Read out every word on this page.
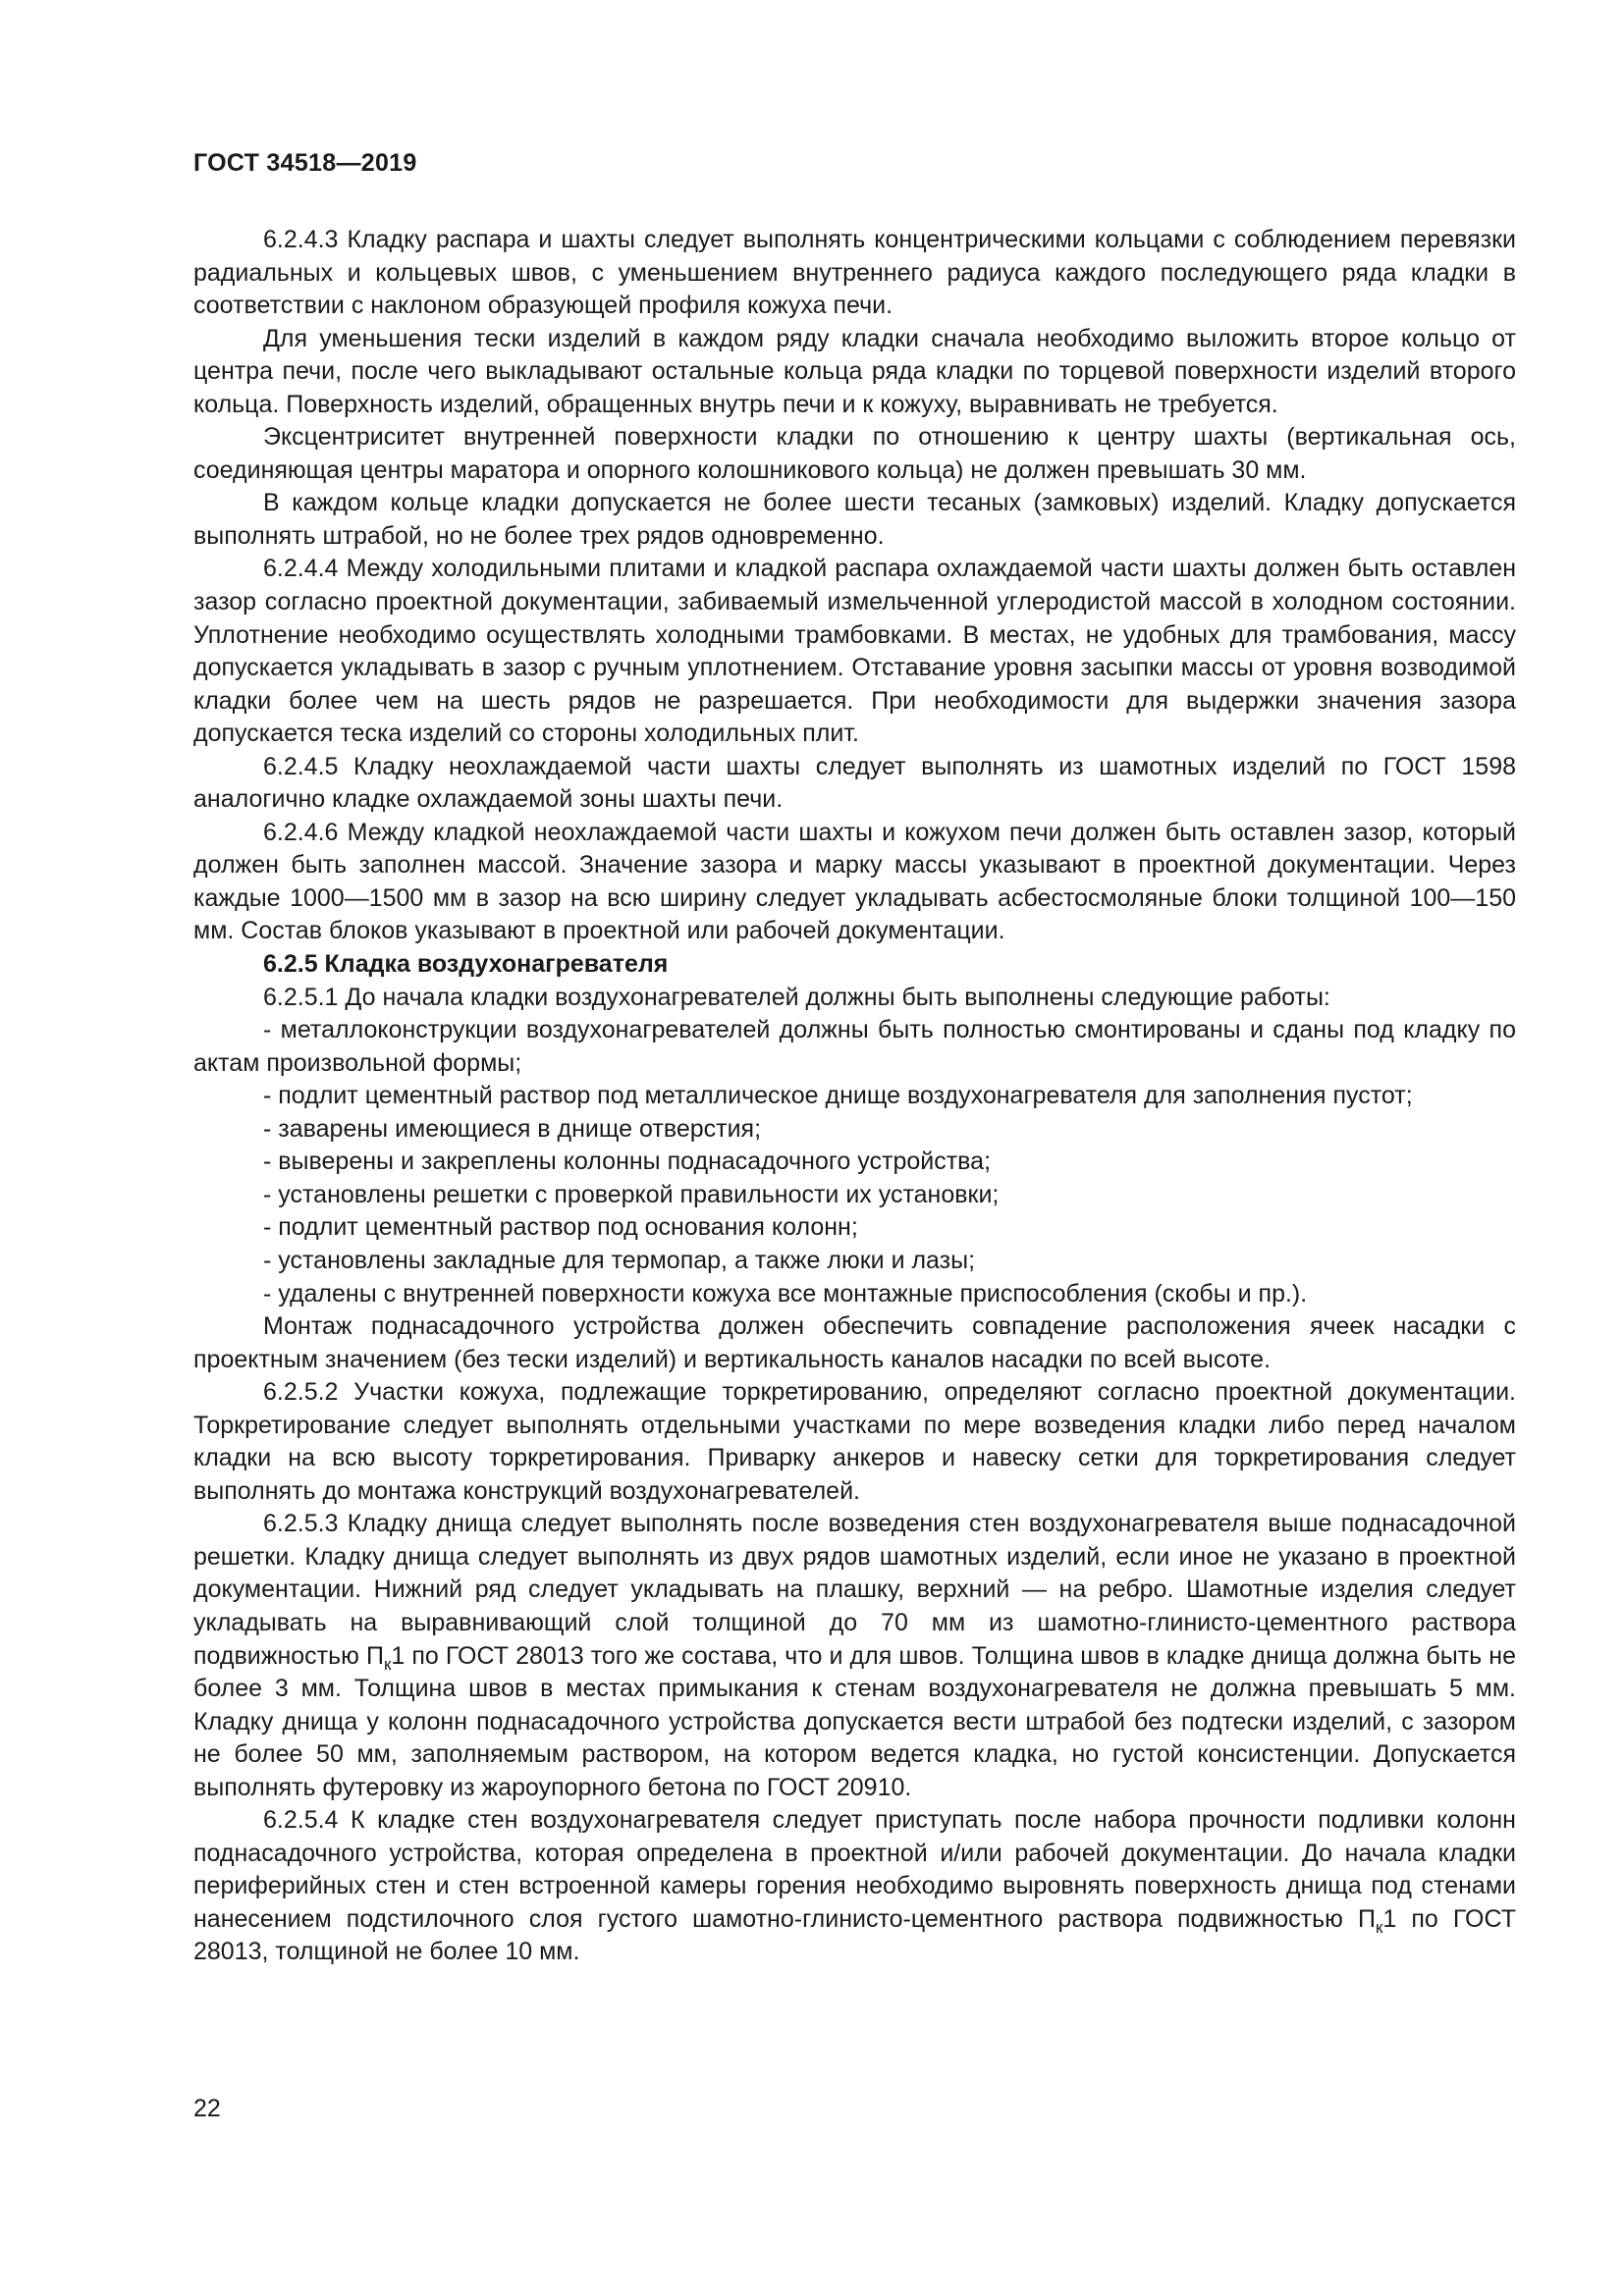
ГОСТ 34518—2019

6.2.4.3 Кладку распара и шахты следует выполнять концентрическими кольцами с соблюдением перевязки радиальных и кольцевых швов, с уменьшением внутреннего радиуса каждого последующего ряда кладки в соответствии с наклоном образующей профиля кожуха печи.

Для уменьшения тески изделий в каждом ряду кладки сначала необходимо выложить второе кольцо от центра печи, после чего выкладывают остальные кольца ряда кладки по торцевой поверхности изделий второго кольца. Поверхность изделий, обращенных внутрь печи и к кожуху, выравнивать не требуется.

Эксцентриситет внутренней поверхности кладки по отношению к центру шахты (вертикальная ось, соединяющая центры маратора и опорного колошникового кольца) не должен превышать 30 мм.

В каждом кольце кладки допускается не более шести тесаных (замковых) изделий. Кладку допускается выполнять штрабой, но не более трех рядов одновременно.

6.2.4.4 Между холодильными плитами и кладкой распара охлаждаемой части шахты должен быть оставлен зазор согласно проектной документации, забиваемый измельченной углеродистой массой в холодном состоянии. Уплотнение необходимо осуществлять холодными трамбовками. В местах, не удобных для трамбования, массу допускается укладывать в зазор с ручным уплотнением. Отставание уровня засыпки массы от уровня возводимой кладки более чем на шесть рядов не разрешается. При необходимости для выдержки значения зазора допускается теска изделий со стороны холодильных плит.

6.2.4.5 Кладку неохлаждаемой части шахты следует выполнять из шамотных изделий по ГОСТ 1598 аналогично кладке охлаждаемой зоны шахты печи.

6.2.4.6 Между кладкой неохлаждаемой части шахты и кожухом печи должен быть оставлен зазор, который должен быть заполнен массой. Значение зазора и марку массы указывают в проектной документации. Через каждые 1000—1500 мм в зазор на всю ширину следует укладывать асбестосмоляные блоки толщиной 100—150 мм. Состав блоков указывают в проектной или рабочей документации.

6.2.5 Кладка воздухонагревателя

6.2.5.1 До начала кладки воздухонагревателей должны быть выполнены следующие работы:

- металлоконструкции воздухонагревателей должны быть полностью смонтированы и сданы под кладку по актам произвольной формы;

- подлит цементный раствор под металлическое днище воздухонагревателя для заполнения пустот;

- заварены имеющиеся в днище отверстия;

- выверены и закреплены колонны поднасадочного устройства;

- установлены решетки с проверкой правильности их установки;

- подлит цементный раствор под основания колонн;

- установлены закладные для термопар, а также люки и лазы;

- удалены с внутренней поверхности кожуха все монтажные приспособления (скобы и пр.).

Монтаж поднасадочного устройства должен обеспечить совпадение расположения ячеек насадки с проектным значением (без тески изделий) и вертикальность каналов насадки по всей высоте.

6.2.5.2 Участки кожуха, подлежащие торкретированию, определяют согласно проектной документации. Торкретирование следует выполнять отдельными участками по мере возведения кладки либо перед началом кладки на всю высоту торкретирования. Приварку анкеров и навеску сетки для торкретирования следует выполнять до монтажа конструкций воздухонагревателей.

6.2.5.3 Кладку днища следует выполнять после возведения стен воздухонагревателя выше поднасадочной решетки. Кладку днища следует выполнять из двух рядов шамотных изделий, если иное не указано в проектной документации. Нижний ряд следует укладывать на плашку, верхний — на ребро. Шамотные изделия следует укладывать на выравнивающий слой толщиной до 70 мм из шамотно-глинисто-цементного раствора подвижностью $П_к1$ по ГОСТ 28013 того же состава, что и для швов. Толщина швов в кладке днища должна быть не более 3 мм. Толщина швов в местах примыкания к стенам воздухонагревателя не должна превышать 5 мм. Кладку днища у колонн поднасадочного устройства допускается вести штрабой без подтески изделий, с зазором не более 50 мм, заполняемым раствором, на котором ведется кладка, но густой консистенции. Допускается выполнять футеровку из жароупорного бетона по ГОСТ 20910.

6.2.5.4 К кладке стен воздухонагревателя следует приступать после набора прочности подливки колонн поднасадочного устройства, которая определена в проектной и/или рабочей документации. До начала кладки периферийных стен и стен встроенной камеры горения необходимо выровнять поверхность днища под стенами нанесением подстилочного слоя густого шамотно-глинисто-цементного раствора подвижностью $П_к1$ по ГОСТ 28013, толщиной не более 10 мм.

22
